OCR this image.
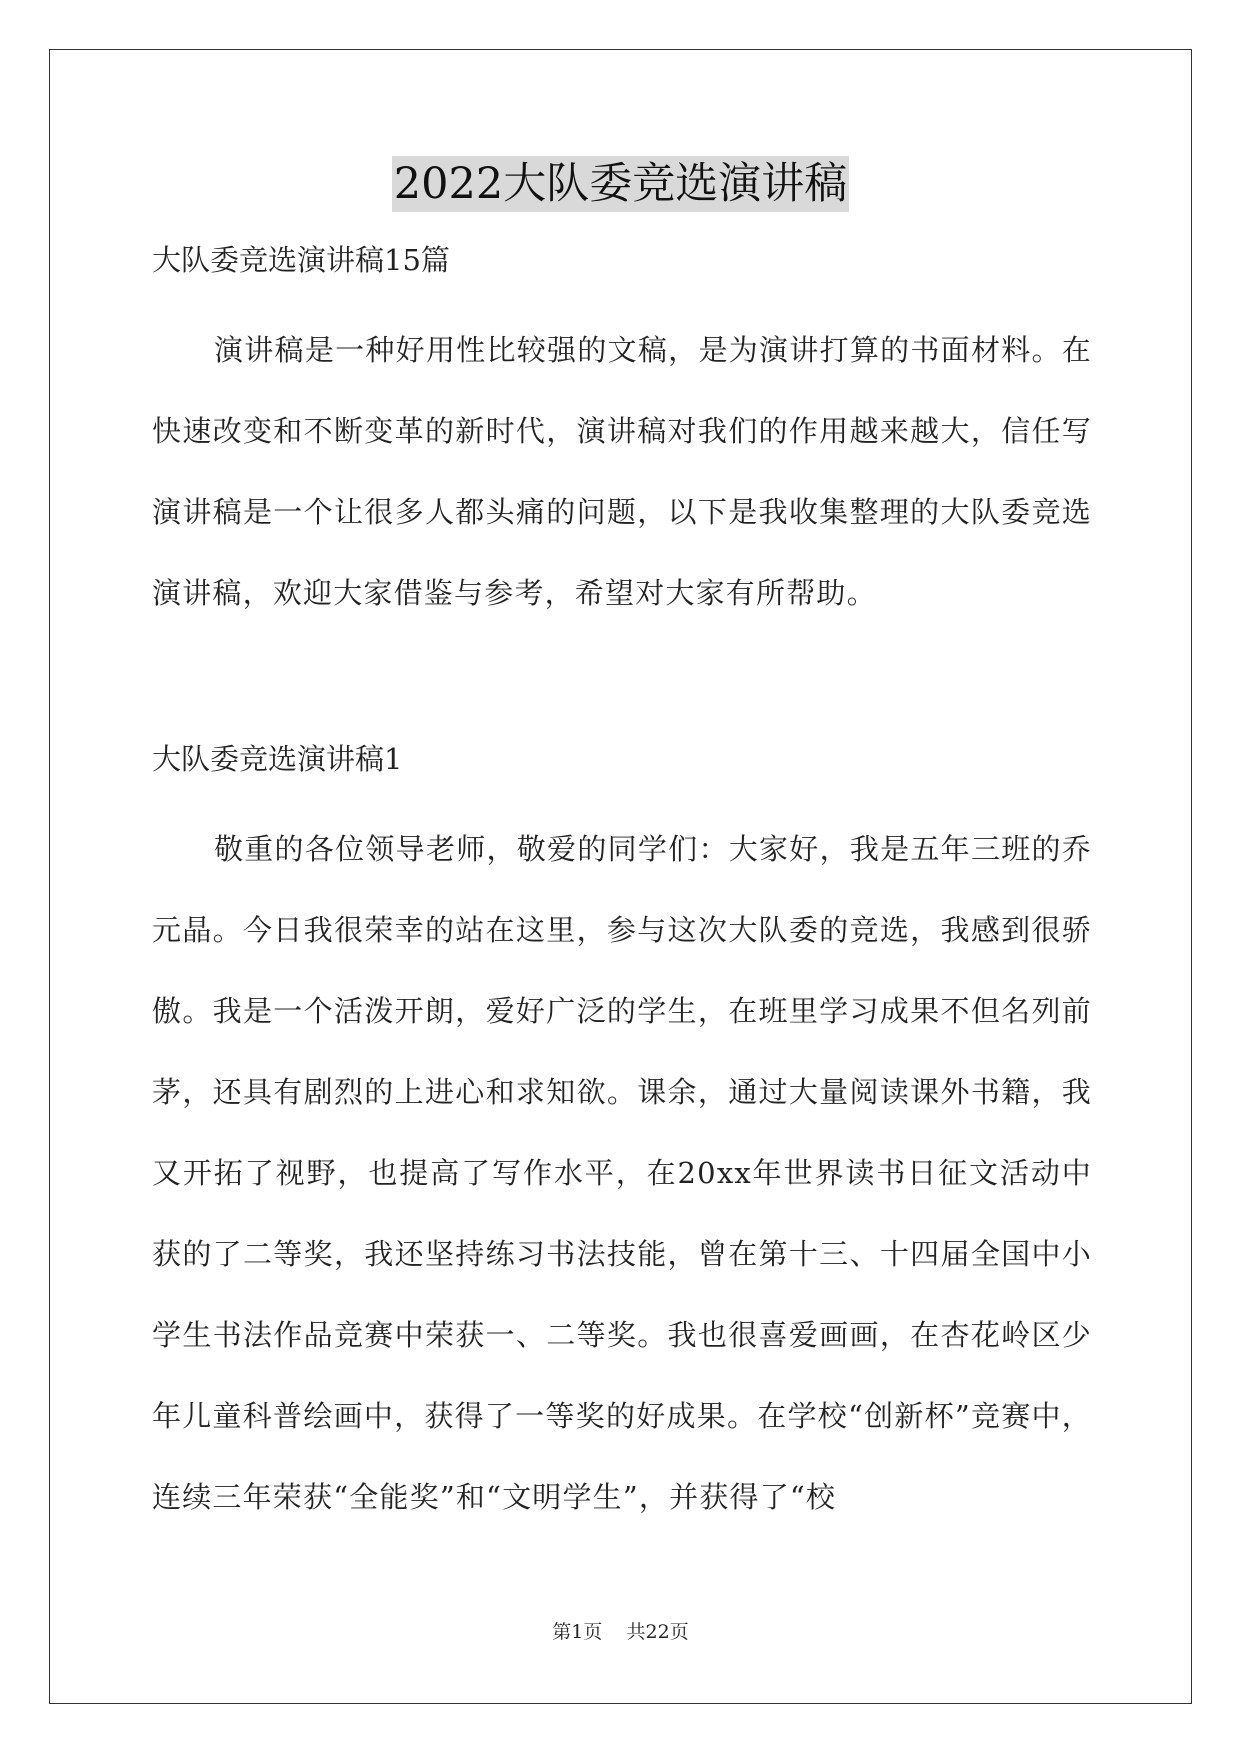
2022大队委竞选演讲稿

大队委竞选演讲稿15篇

演讲稿是一种好用性比较强的文稿，是为演讲打算的书面材料。在快速改变和不断变革的新时代，演讲稿对我们的作用越来越大，信任写演讲稿是一个让很多人都头痛的问题，以下是我收集整理的大队委竞选演讲稿，欢迎大家借鉴与参考，希望对大家有所帮助。

大队委竞选演讲稿1

敬重的各位领导老师，敬爱的同学们：大家好，我是五年三班的乔元晶。今日我很荣幸的站在这里，参与这次大队委的竞选，我感到很骄傲。我是一个活泼开朗，爱好广泛的学生，在班里学习成果不但名列前茅，还具有剧烈的上进心和求知欲。课余，通过大量阅读课外书籍，我又开拓了视野，也提高了写作水平，在20xx年世界读书日征文活动中获的了二等奖，我还坚持练习书法技能，曾在第十三、十四届全国中小学生书法作品竞赛中荣获一、二等奖。我也很喜爱画画，在杏花岭区少年儿童科普绘画中，获得了一等奖的好成果。在学校“创新杯”竞赛中，连续三年荣获“全能奖”和“文明学生”，并获得了“校

第1页 共22页
